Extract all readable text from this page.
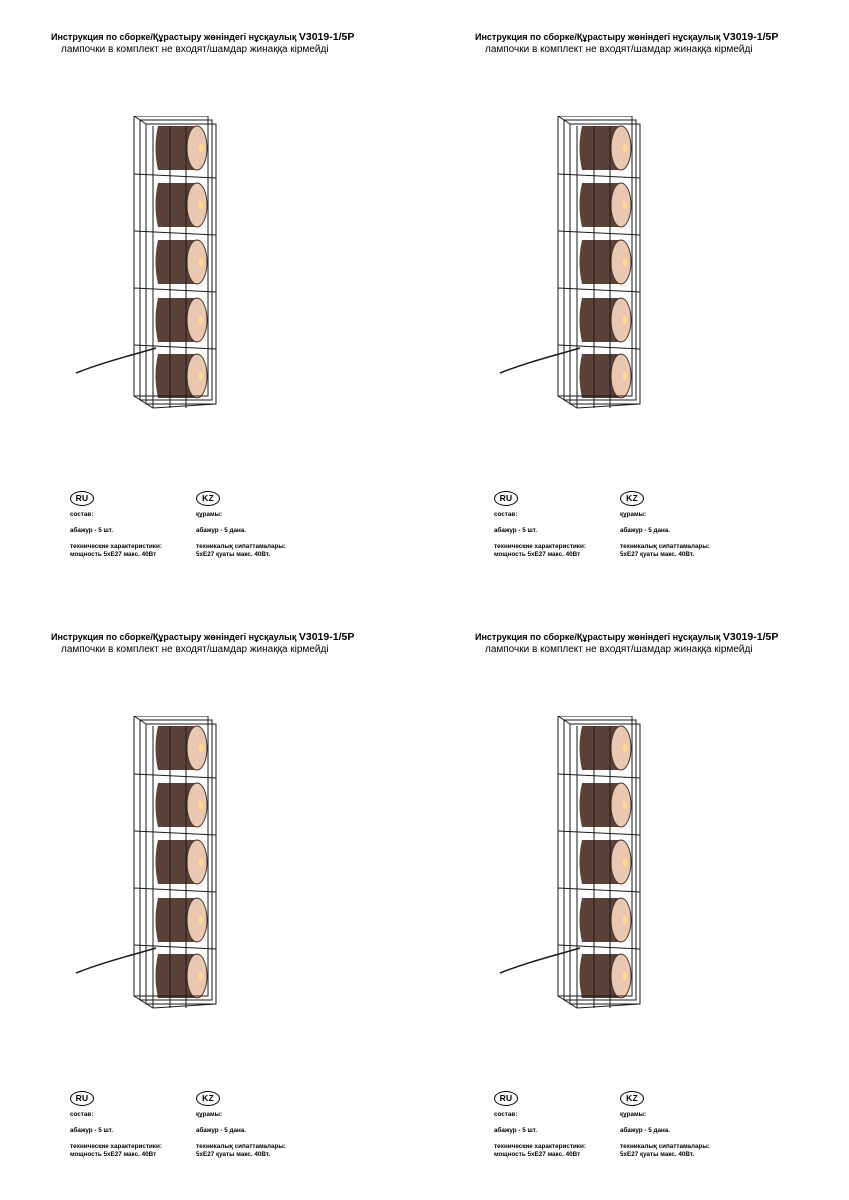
Инструкция по сборке/Құрастыру жөніндегі нұсқаулық V3019-1/5P
лампочки в комплект не входят/шамдар жинаққа кірмейді
RU	KZ
состав:
абажур - 5 шт.
технические характеристики:
мощность 5хЕ27 макс. 40Вт
құрамы:
абажур - 5 дана.
техникалық сипаттамалары:
5хЕ27 қуаты макс. 40Вт.
Инструкция по сборке/Құрастыру жөніндегі нұсқаулық V3019-1/5P
лампочки в комплект не входят/шамдар жинаққа кірмейді
RU	KZ
состав:
абажур - 5 шт.
технические характеристики:
мощность 5хЕ27 макс. 40Вт
құрамы:
абажур - 5 дана.
техникалық сипаттамалары:
5хЕ27 қуаты макс. 40Вт.
Инструкция по сборке/Құрастыру жөніндегі нұсқаулық V3019-1/5P
лампочки в комплект не входят/шамдар жинаққа кірмейді
RU	KZ
состав:
абажур - 5 шт.
технические характеристики:
мощность 5хЕ27 макс. 40Вт
құрамы:
абажур - 5 дана.
техникалық сипаттамалары:
5хЕ27 қуаты макс. 40Вт.
Инструкция по сборке/Құрастыру жөніндегі нұсқаулық V3019-1/5P
лампочки в комплект не входят/шамдар жинаққа кірмейді
RU	KZ
состав:
абажур - 5 шт.
технические характеристики:
мощность 5хЕ27 макс. 40Вт
құрамы:
абажур - 5 дана.
техникалық сипаттамалары:
5хЕ27 қуаты макс. 40Вт.
